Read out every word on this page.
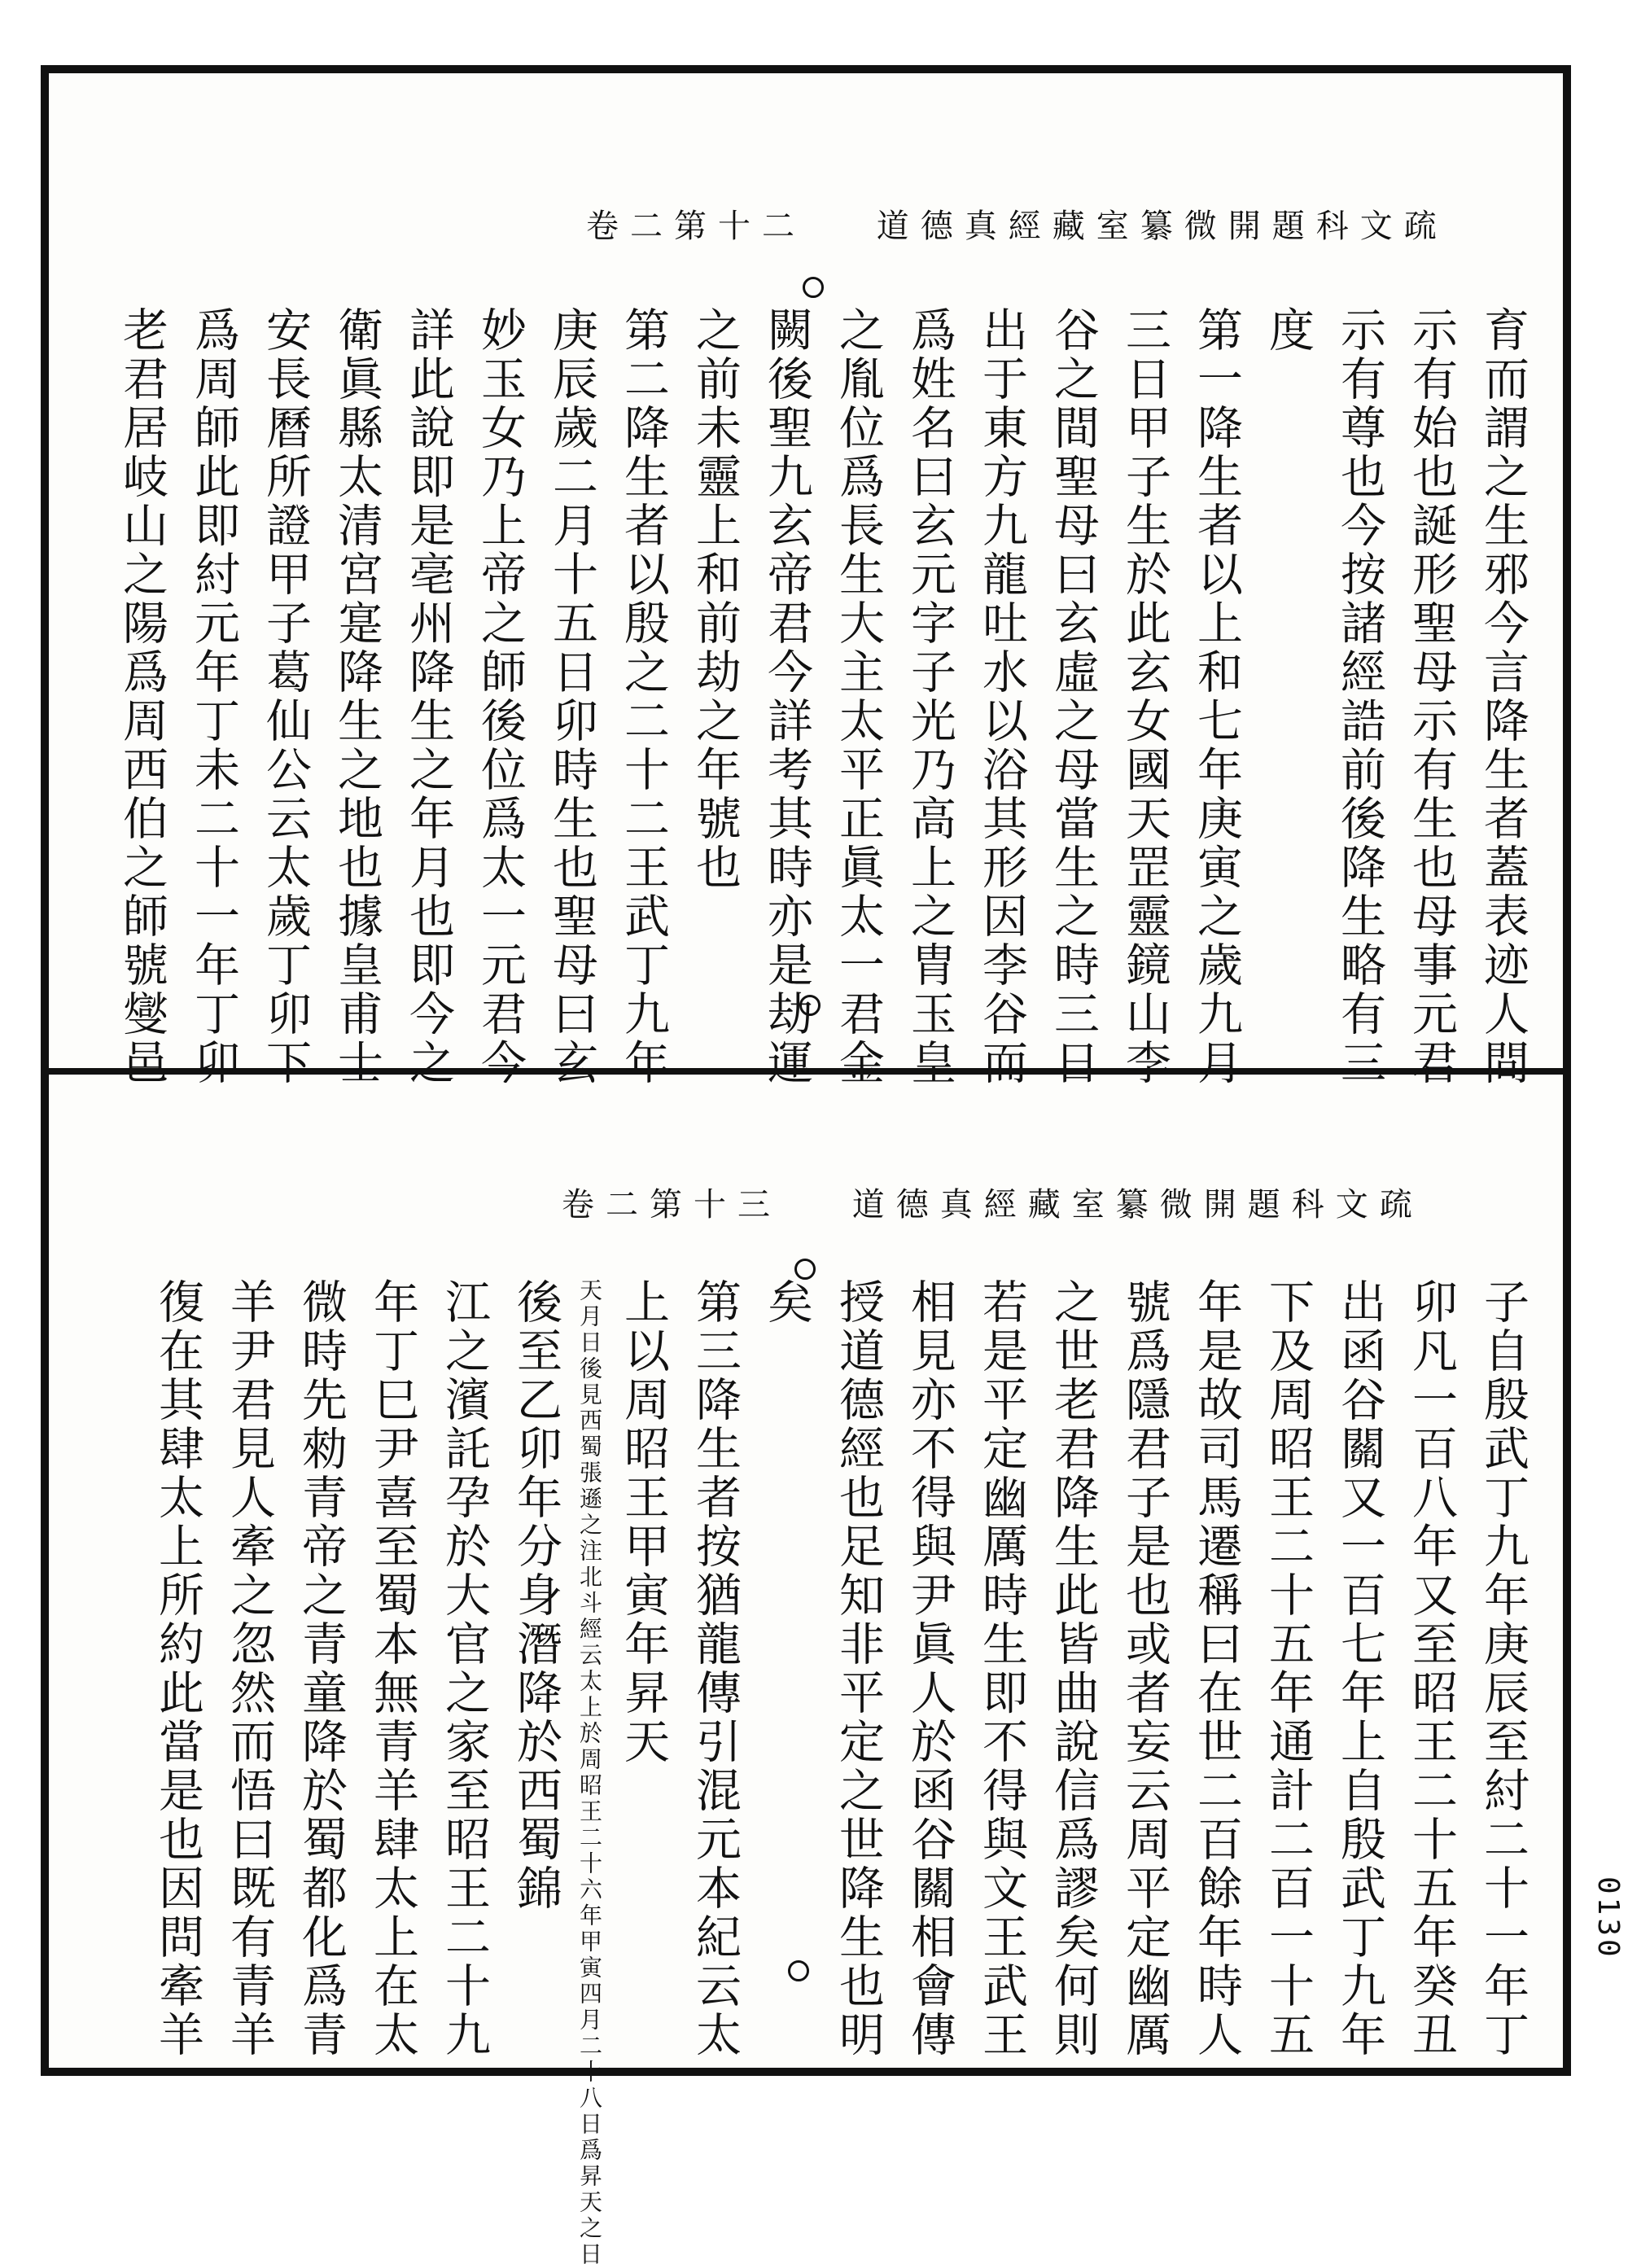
卷二第十二 道德真經藏室纂微開題科文疏
育而謂之生邪今言降生者蓋表迹人間
示有始也誕形聖母示有生也母事元君
示有尊也今按諸經誥前後降生略有三
度
第一降生者以上和七年庚寅之歲九月
三日甲子生於此玄女國天罡靈鏡山李
谷之間聖母曰玄虛之母當生之時三日
出于東方九龍吐水以浴其形因李谷而
爲姓名曰玄元字子光乃高上之胄玉皇
之胤位爲長生大主太平正眞太一君金
闕後聖九玄帝君今詳考其時亦是劫運
之前未靈上和前劫之年號也
第二降生者以殷之二十二王武丁九年
庚辰歲二月十五日卯時生也聖母曰玄
妙玉女乃上帝之師後位爲太一元君今
詳此說即是亳州降生之年月也即今之
衛眞縣太清宮寔降生之地也據皇甫士
安長曆所證甲子葛仙公云太歲丁卯下
爲周師此即紂元年丁未二十一年丁卯
老君居岐山之陽爲周西伯之師號燮邑
卷二第十三 道德真經藏室纂微開題科文疏
子自殷武丁九年庚辰至紂二十一年丁
卯凡一百八年又至昭王二十五年癸丑
出函谷關又一百七年上自殷武丁九年
下及周昭王二十五年通計二百一十五
年是故司馬遷稱曰在世二百餘年時人
號爲隱君子是也或者妄云周平定幽厲
之世老君降生此皆曲說信爲謬矣何則
若是平定幽厲時生即不得與文王武王
相見亦不得與尹眞人於函谷關相會傳
授道德經也足知非平定之世降生也明
矣
第三降生者按猶龍傳引混元本紀云太
上以周昭王甲寅年昇天
天月日後見西蜀張遜之注北斗經云太上於周昭王二十六年甲寅四月二十八日爲昇天之日
後至乙卯年分身潛降於西蜀錦
江之濱託孕於大官之家至昭王二十九
年丁巳尹喜至蜀本無青羊肆太上在太
微時先勑青帝之青童降於蜀都化爲青
羊尹君見人牽之忽然而悟曰既有青羊
復在其肆太上所約此當是也因問牽羊	0130
